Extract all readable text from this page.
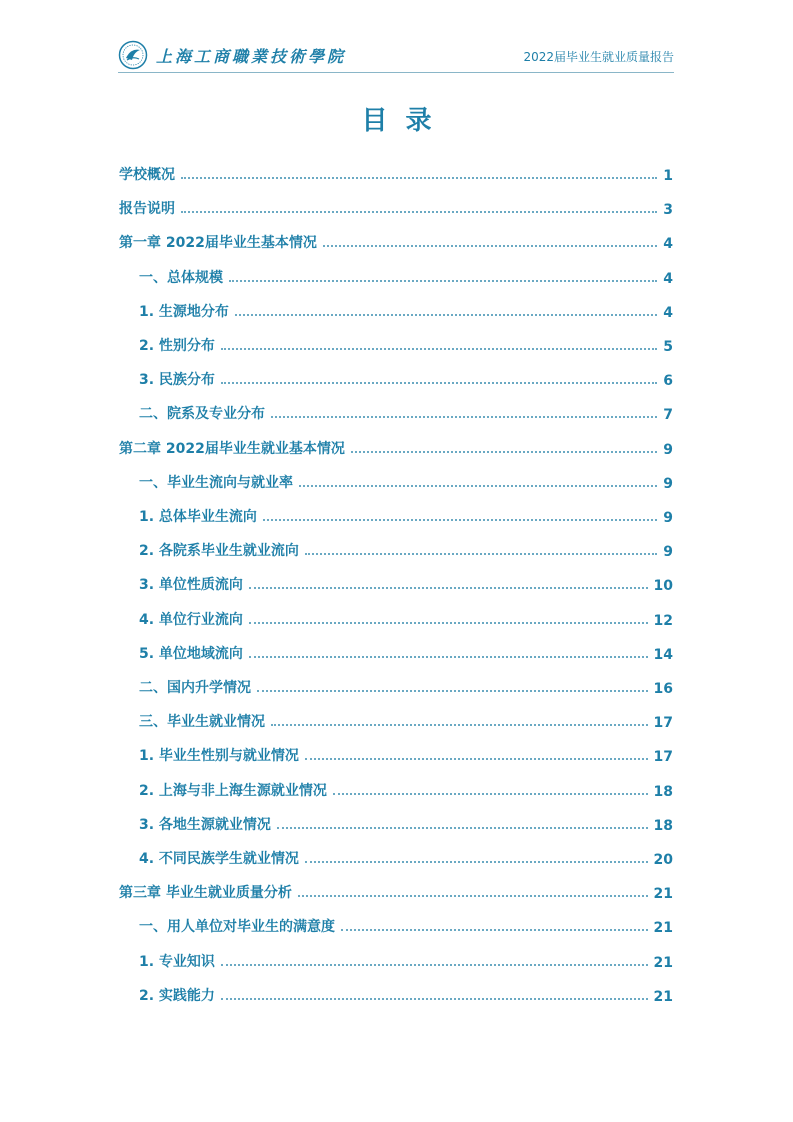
上海工商職業技術學院	2022届毕业生就业质量报告
目录
学校概况	1
报告说明	3
第一章 2022届毕业生基本情况	4
一、总体规模	4
1. 生源地分布	4
2. 性别分布	5
3. 民族分布	6
二、院系及专业分布	7
第二章 2022届毕业生就业基本情况	9
一、毕业生流向与就业率	9
1. 总体毕业生流向	9
2. 各院系毕业生就业流向	9
3. 单位性质流向	10
4. 单位行业流向	12
5. 单位地域流向	14
二、国内升学情况	16
三、毕业生就业情况	17
1. 毕业生性别与就业情况	17
2. 上海与非上海生源就业情况	18
3. 各地生源就业情况	18
4. 不同民族学生就业情况	20
第三章 毕业生就业质量分析	21
一、用人单位对毕业生的满意度	21
1. 专业知识	21
2. 实践能力	21
